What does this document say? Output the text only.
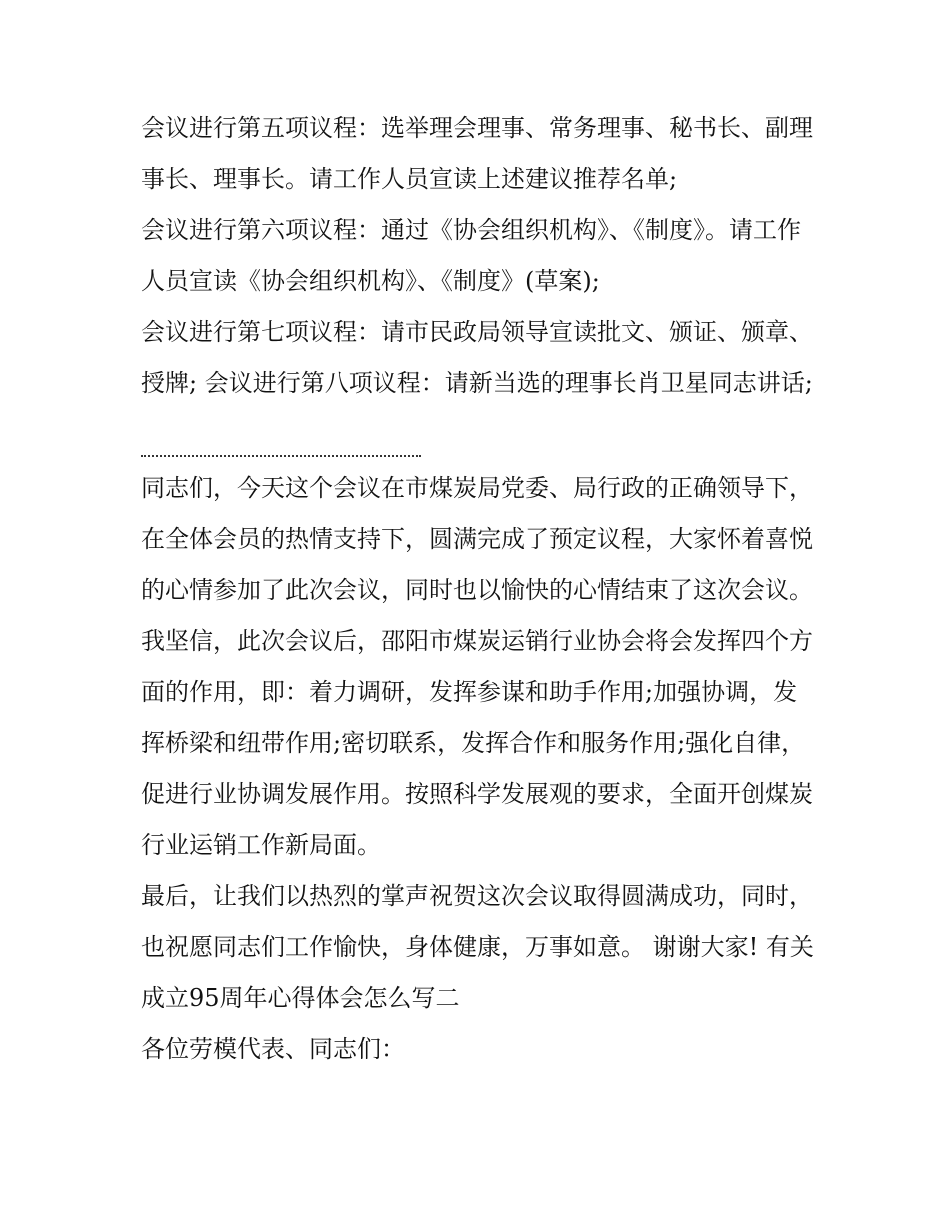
会议进行第五项议程：选举理会理事、常务理事、秘书长、副理事长、理事长。请工作人员宣读上述建议推荐名单;

会议进行第六项议程：通过《协会组织机构》、《制度》。请工作人员宣读《协会组织机构》、《制度》(草案);

会议进行第七项议程：请市民政局领导宣读批文、颁证、颁章、授牌; 会议进行第八项议程：请新当选的理事长肖卫星同志讲话;

同志们，今天这个会议在市煤炭局党委、局行政的正确领导下，在全体会员的热情支持下，圆满完成了预定议程，大家怀着喜悦的心情参加了此次会议，同时也以愉快的心情结束了这次会议。我坚信，此次会议后，邵阳市煤炭运销行业协会将会发挥四个方面的作用，即：着力调研，发挥参谋和助手作用;加强协调，发挥桥梁和纽带作用;密切联系，发挥合作和服务作用;强化自律，促进行业协调发展作用。按照科学发展观的要求，全面开创煤炭行业运销工作新局面。

最后，让我们以热烈的掌声祝贺这次会议取得圆满成功，同时，也祝愿同志们工作愉快，身体健康，万事如意。 谢谢大家! 有关成立95周年心得体会怎么写二

各位劳模代表、同志们：
